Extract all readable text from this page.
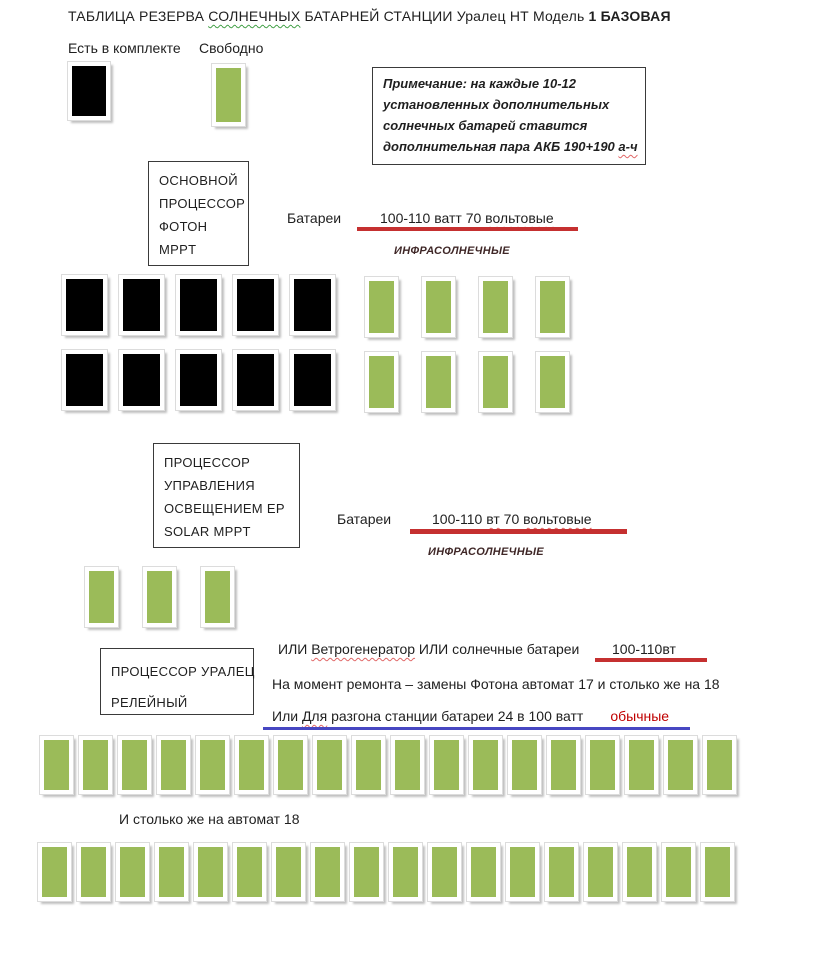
ТАБЛИЦА РЕЗЕРВА СОЛНЕЧНЫХ БАТАРНЕЙ СТАНЦИИ Уралец НТ Модель 1 БАЗОВАЯ
Есть в комплекте Свободно
Примечание: на каждые 10-12
установленных дополнительных
солнечных батарей ставится
дополнительная пара АКБ 190+190 а-ч
ОСНОВНОЙ
ПРОЦЕССОР
ФОТОН
MPPT
Батареи	100-110 ватт 70 вольтовые
ИНФРАСОЛНЕЧНЫЕ
ПРОЦЕССОР
УПРАВЛЕНИЯ
ОСВЕЩЕНИЕМ EP
SOLAR MPPT
Батареи	100-110 вт 70 вольтовые
ИНФРАСОЛНЕЧНЫЕ
ПРОЦЕССОР УРАЛЕЦ
РЕЛЕЙНЫЙ
ИЛИ Ветрогенератор ИЛИ солнечные батареи 100-110вт
На момент ремонта – замены Фотона автомат 17 и столько же на 18
Или Для разгона станции батареи 24 в 100 ватт обычные
И столько же на автомат 18
